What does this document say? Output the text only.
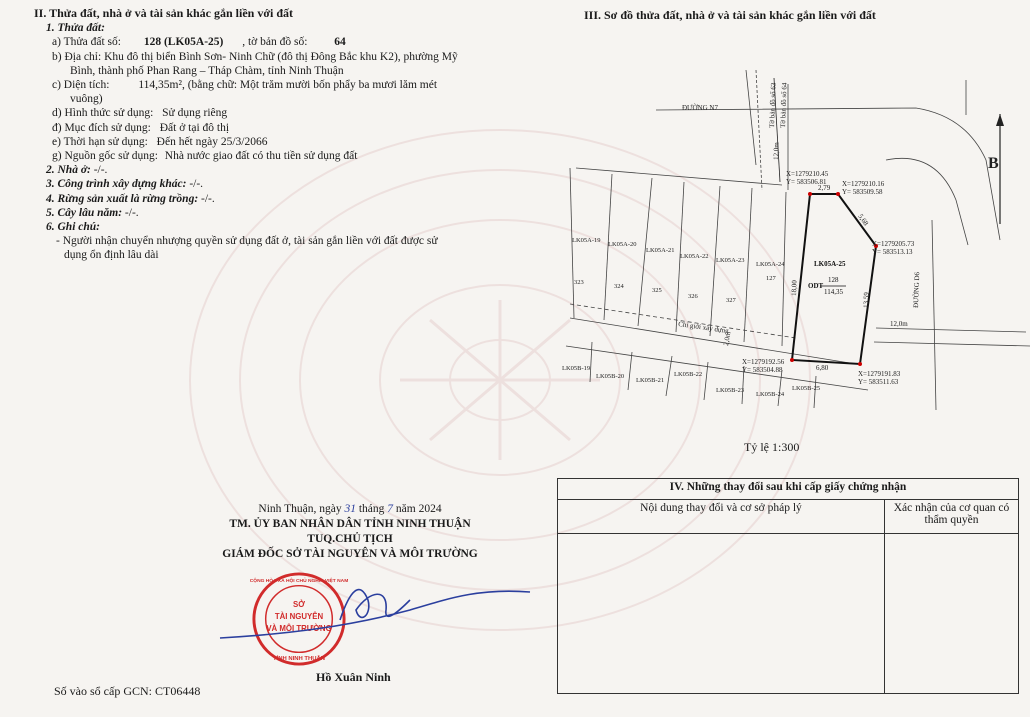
II. Thửa đất, nhà ở và tài sản khác gắn liền với đất
1. Thửa đất:
a) Thửa đất số: 128 (LK05A-25) , tờ bản đồ số: 64
b) Địa chỉ: Khu đô thị biển Bình Sơn- Ninh Chữ (đô thị Đông Bắc khu K2), phường Mỹ
Bình, thành phố Phan Rang – Tháp Chàm, tỉnh Ninh Thuận
c) Diện tích:	114,35m², (bằng chữ: Một trăm mười bốn phẩy ba mươi lăm mét
vuông)
d) Hình thức sử dụng: Sử dụng riêng
đ) Mục đích sử dụng: Đất ở tại đô thị
e) Thời hạn sử dụng: Đến hết ngày 25/3/2066
g) Nguồn gốc sử dụng: Nhà nước giao đất có thu tiền sử dụng đất
2. Nhà ở: -/-.
3. Công trình xây dựng khác: -/-.
4. Rừng sản xuất là rừng trồng: -/-.
5. Cây lâu năm: -/-.
6. Ghi chú:
- Người nhận chuyển nhượng quyền sử dụng đất ở, tài sản gắn liền với đất được sử
dụng ổn định lâu dài
III. Sơ đồ thửa đất, nhà ở và tài sản khác gắn liền với đất
B
Tờ bản đồ số 63 Tờ bản đồ số 64
ĐƯỜNG N7
12,0m
X=1279210.45
Y= 583506.81 X=1279210.16
Y= 583509.58
X=1279205.73
Y= 583513.13
X=1279192.56
Y= 583504.88	X=1279191.83
Y= 583511.63
2,79
5,68
18,00
13,59
6,80
2,0m
Chỉ giới xây dựng
ĐƯỜNG D6
12,0m
LK05A-25
128
ODT
114,35
LK05A-19
LK05A-20
LK05A-21
LK05A-22
LK05A-23
LK05A-24
323
324
325
326
327
127
LK05B-19
LK05B-20
LK05B-21
LK05B-22
LK05B-23
LK05B-24
LK05B-25
Tỷ lệ 1:300
Ninh Thuận, ngày 31 tháng 7 năm 2024
TM. ỦY BAN NHÂN DÂN TỈNH NINH THUẬN
TUQ.CHỦ TỊCH
GIÁM ĐỐC SỞ TÀI NGUYÊN VÀ MÔI TRƯỜNG
SỞ
TÀI NGUYÊN
VÀ MÔI TRƯỜNG
TỈNH NINH THUẬN
CỘNG HÒA XÃ HỘI CHỦ NGHĨA VIỆT NAM
Hồ Xuân Ninh
Số vào sổ cấp GCN: CT06448
IV. Những thay đổi sau khi cấp giấy chứng nhận	
Nội dung thay đổi và cơ sở pháp lý	Xác nhận của cơ quan có thẩm quyền
